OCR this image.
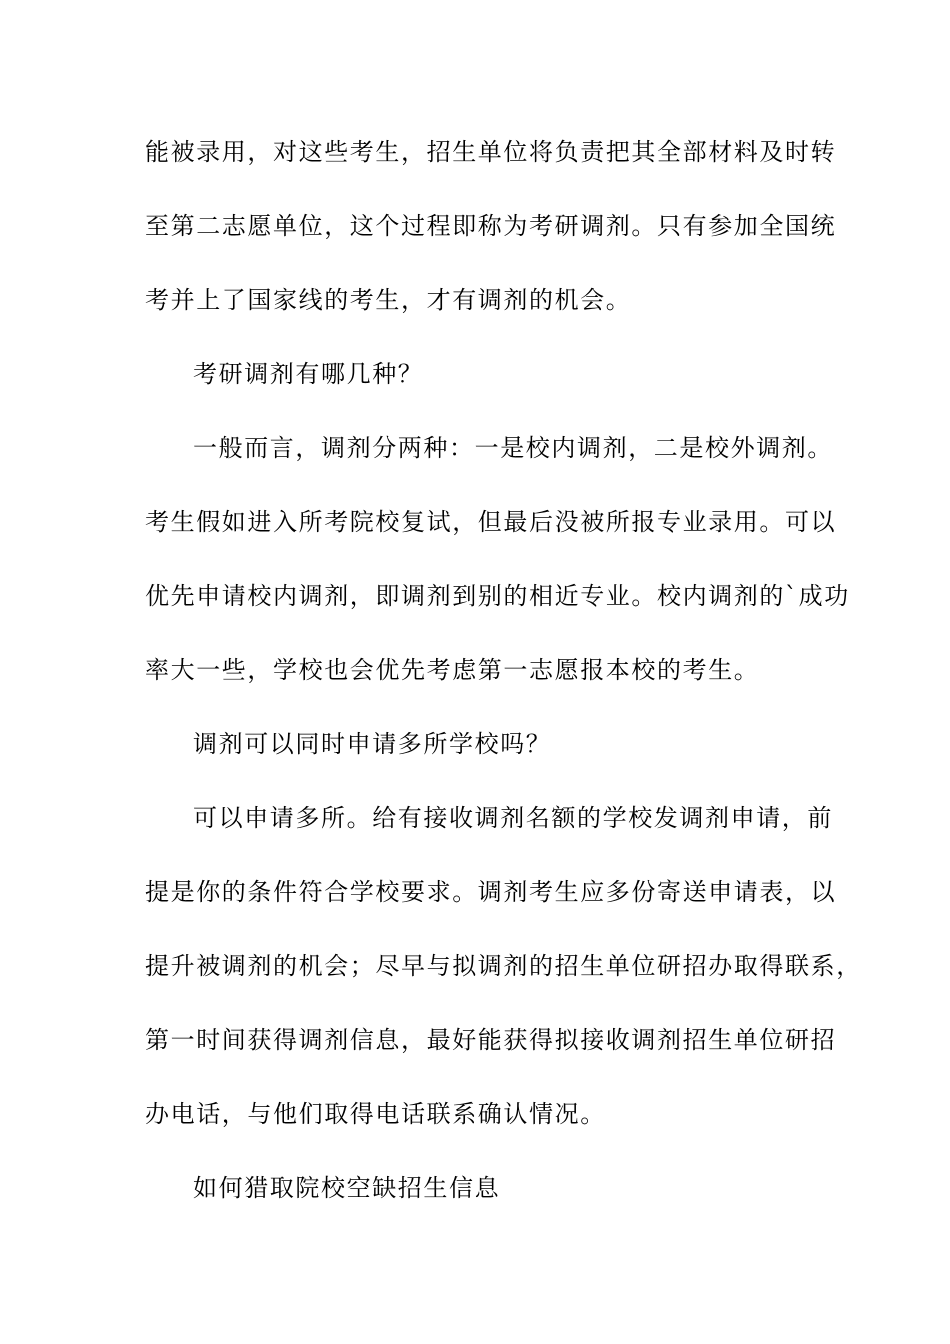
能被录用，对这些考生，招生单位将负责把其全部材料及时转
至第二志愿单位，这个过程即称为考研调剂。只有参加全国统
考并上了国家线的考生，才有调剂的机会。
考研调剂有哪几种？
一般而言，调剂分两种：一是校内调剂，二是校外调剂。
考生假如进入所考院校复试，但最后没被所报专业录用。可以
优先申请校内调剂，即调剂到别的相近专业。校内调剂的`成功
率大一些，学校也会优先考虑第一志愿报本校的考生。
调剂可以同时申请多所学校吗？
可以申请多所。给有接收调剂名额的学校发调剂申请，前
提是你的条件符合学校要求。调剂考生应多份寄送申请表，以
提升被调剂的机会；尽早与拟调剂的招生单位研招办取得联系，
第一时间获得调剂信息，最好能获得拟接收调剂招生单位研招
办电话，与他们取得电话联系确认情况。
如何猎取院校空缺招生信息
